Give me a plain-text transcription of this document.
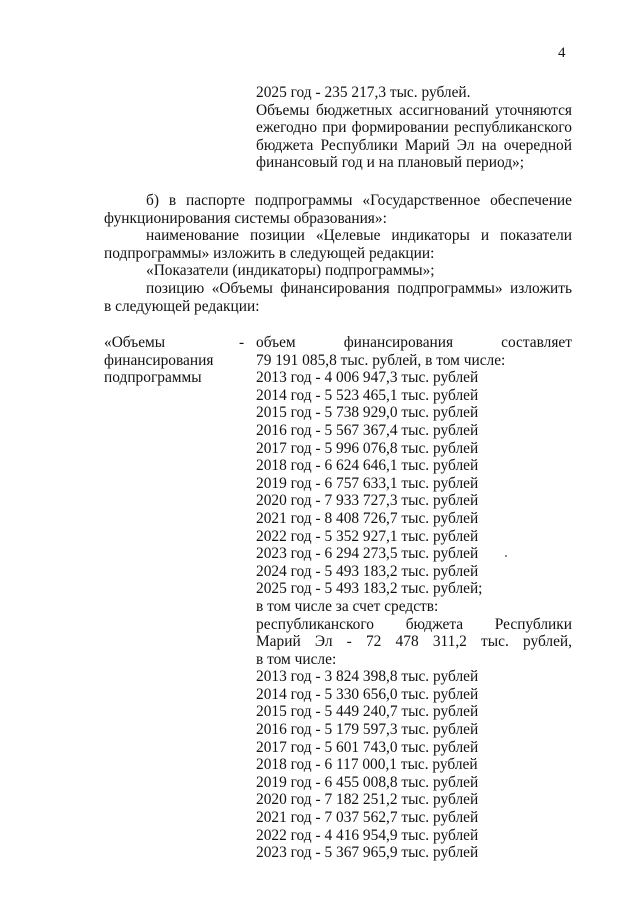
4
2025 год - 235 217,3 тыс. рублей.
Объемы бюджетных ассигнований уточняются
ежегодно при формировании республиканского
бюджета Республики Марий Эл на очередной
финансовый год и на плановый период»;
б) в паспорте подпрограммы «Государственное обеспечение
функционирования системы образования»:
наименование позиции «Целевые индикаторы и показатели
подпрограммы» изложить в следующей редакции:
«Показатели (индикаторы) подпрограммы»;
позицию «Объемы финансирования подпрограммы» изложить
в следующей редакции:
«Объемы
финансирования
подпрограммы
- объем финансирования составляет
79 191 085,8 тыс. рублей, в том числе:
2013 год - 4 006 947,3 тыс. рублей
2014 год - 5 523 465,1 тыс. рублей
2015 год - 5 738 929,0 тыс. рублей
2016 год - 5 567 367,4 тыс. рублей
2017 год - 5 996 076,8 тыс. рублей
2018 год - 6 624 646,1 тыс. рублей
2019 год - 6 757 633,1 тыс. рублей
2020 год - 7 933 727,3 тыс. рублей
2021 год - 8 408 726,7 тыс. рублей
2022 год - 5 352 927,1 тыс. рублей
2023 год - 6 294 273,5 тыс. рублей
2024 год - 5 493 183,2 тыс. рублей
2025 год - 5 493 183,2 тыс. рублей;
в том числе за счет средств:
республиканского бюджета Республики
Марий Эл - 72 478 311,2 тыс. рублей,
в том числе:
2013 год - 3 824 398,8 тыс. рублей
2014 год - 5 330 656,0 тыс. рублей
2015 год - 5 449 240,7 тыс. рублей
2016 год - 5 179 597,3 тыс. рублей
2017 год - 5 601 743,0 тыс. рублей
2018 год - 6 117 000,1 тыс. рублей
2019 год - 6 455 008,8 тыс. рублей
2020 год - 7 182 251,2 тыс. рублей
2021 год - 7 037 562,7 тыс. рублей
2022 год - 4 416 954,9 тыс. рублей
2023 год - 5 367 965,9 тыс. рублей
